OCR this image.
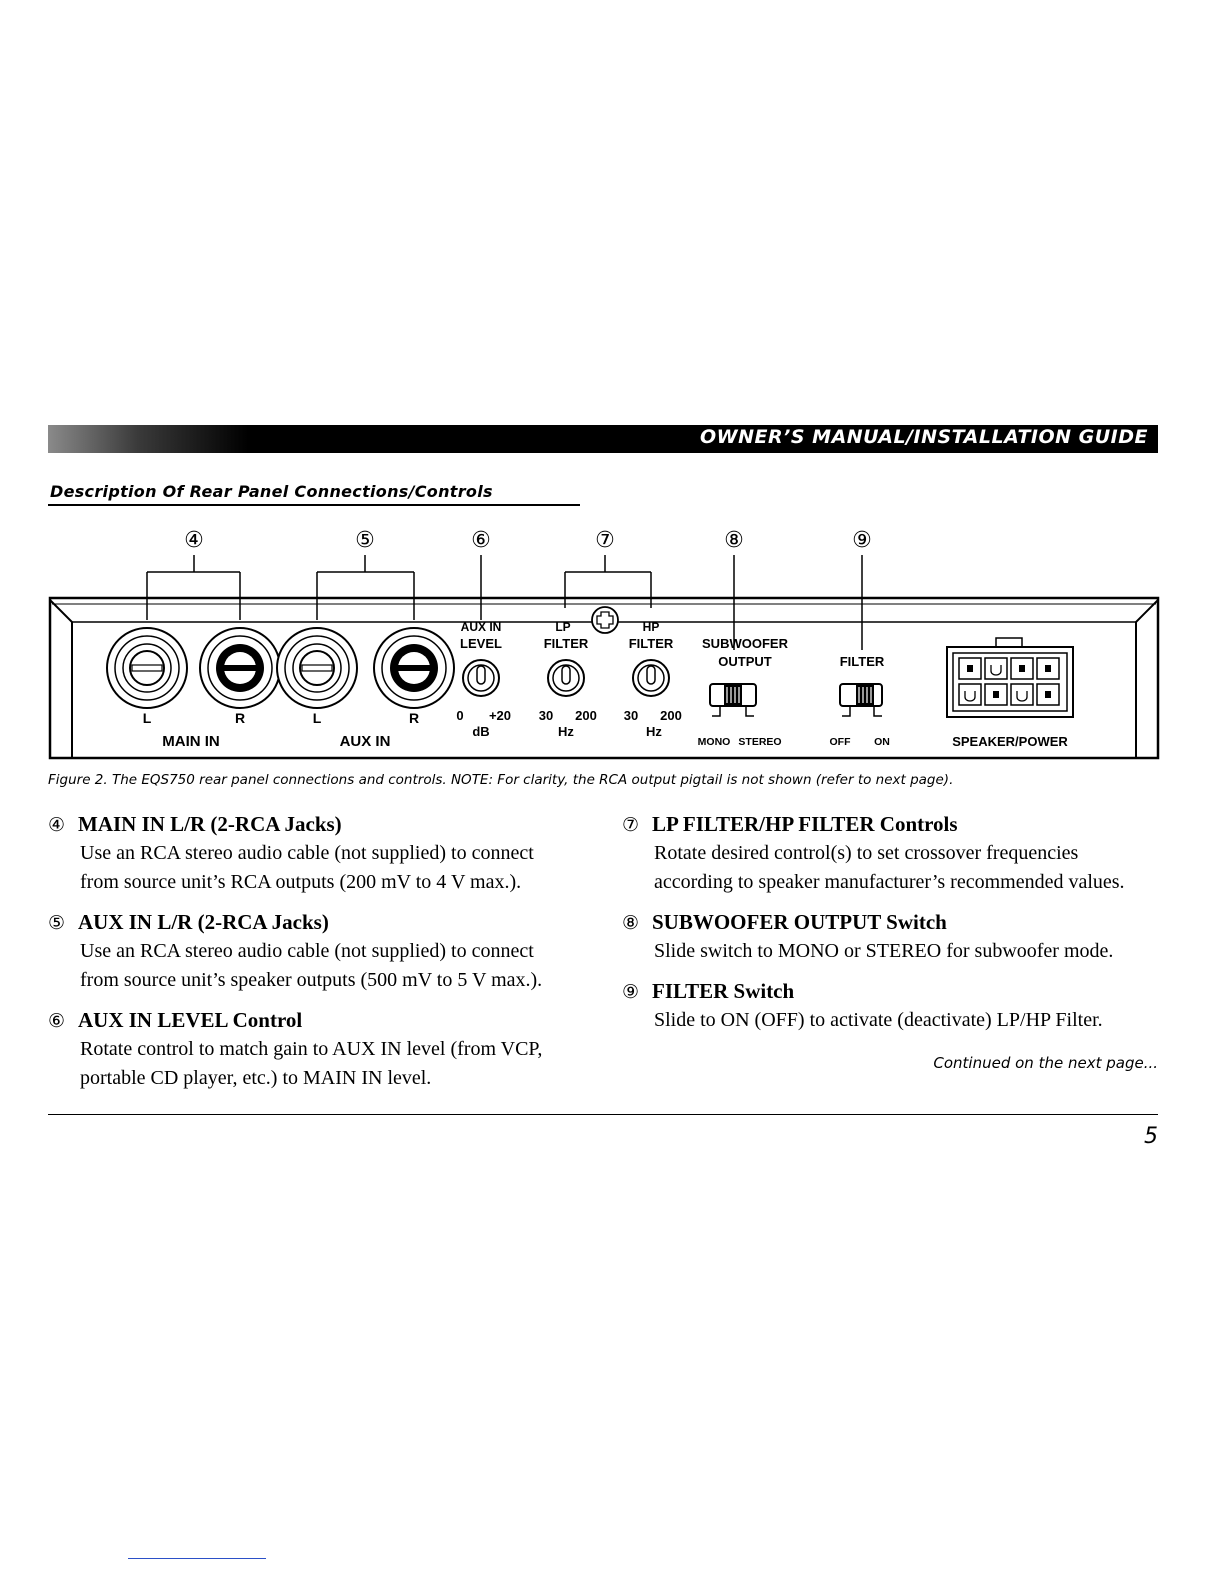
OWNER’S MANUAL/INSTALLATION GUIDE
Description Of Rear Panel Connections/Controls
④	⑤	⑥	⑦	⑧	⑨
L	R
MAIN IN
L	R
AUX IN
AUX IN
LEVEL
0 +20
dB
LP	HP
FILTER	FILTER
30 200
Hz
30 200
Hz
SUBWOOFER
OUTPUT
MONO STEREO
FILTER
OFF ON	SPEAKER/POWER
Figure 2. The EQS750 rear panel connections and controls. NOTE: For clarity, the RCA output pigtail is not shown (refer to next page).
④ MAIN IN L/R (2-RCA Jacks)
Use an RCA stereo audio cable (not supplied) to connect
from source unit’s RCA outputs (200 mV to 4 V max.).
⑤ AUX IN L/R (2-RCA Jacks)
Use an RCA stereo audio cable (not supplied) to connect
from source unit’s speaker outputs (500 mV to 5 V max.).
⑥ AUX IN LEVEL Control
Rotate control to match gain to AUX IN level (from VCP,
portable CD player, etc.) to MAIN IN level.
⑦ LP FILTER/HP FILTER Controls
Rotate desired control(s) to set crossover frequencies
according to speaker manufacturer’s recommended values.
⑧ SUBWOOFER OUTPUT Switch
Slide switch to MONO or STEREO for subwoofer mode.
⑨ FILTER Switch
Slide to ON (OFF) to activate (deactivate) LP/HP Filter.
Continued on the next page...
5
